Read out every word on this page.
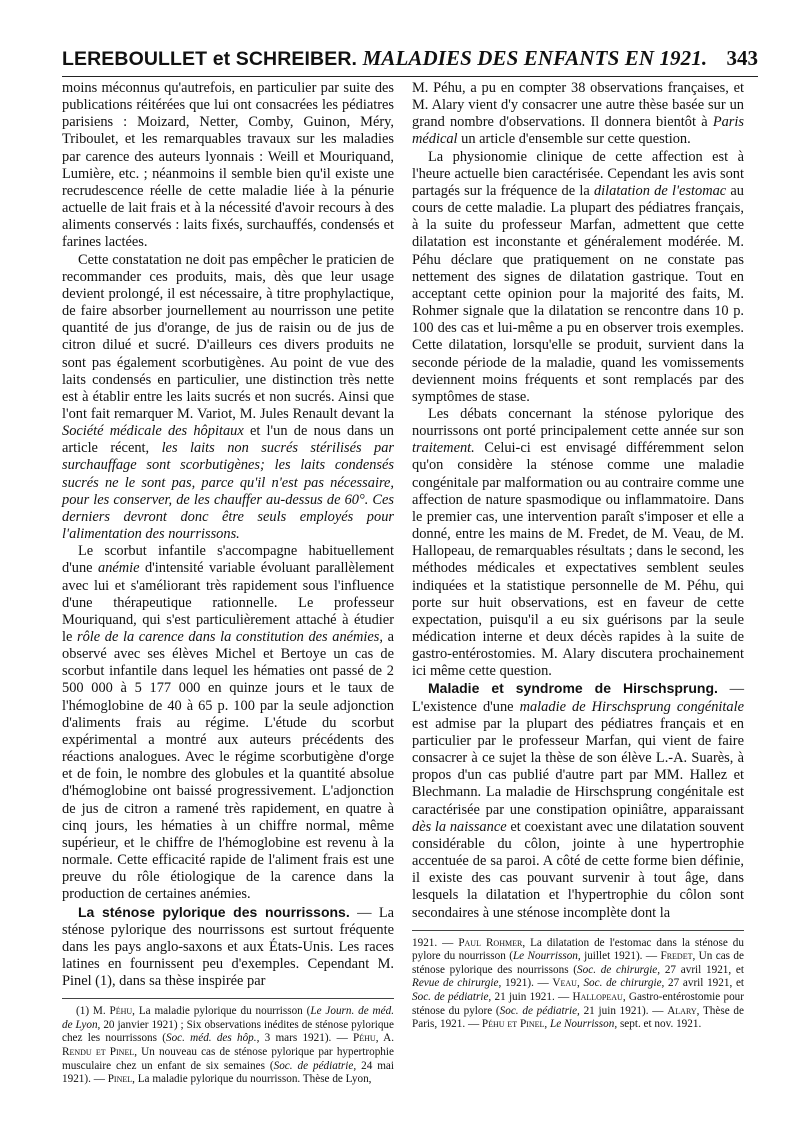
LEREBOULLET et SCHREIBER. MALADIES DES ENFANTS EN 1921. 343

moins méconnus qu'autrefois, en particulier par suite des publications réitérées que lui ont consacrées les pédiatres parisiens : Moizard, Netter, Comby, Guinon, Méry, Triboulet, et les remarquables travaux sur les maladies par carence des auteurs lyonnais : Weill et Mouriquand, Lumière, etc. ; néanmoins il semble bien qu'il existe une recrudescence réelle de cette maladie liée à la pénurie actuelle de lait frais et à la nécessité d'avoir recours à des aliments conservés : laits fixés, surchauffés, condensés et farines lactées.

Cette constatation ne doit pas empêcher le praticien de recommander ces produits, mais, dès que leur usage devient prolongé, il est nécessaire, à titre prophylactique, de faire absorber journellement au nourrisson une petite quantité de jus d'orange, de jus de raisin ou de jus de citron dilué et sucré. D'ailleurs ces divers produits ne sont pas également scorbutigènes. Au point de vue des laits condensés en particulier, une distinction très nette est à établir entre les laits sucrés et non sucrés. Ainsi que l'ont fait remarquer M. Variot, M. Jules Renault devant la Société médicale des hôpitaux et l'un de nous dans un article récent, les laits non sucrés stérilisés par surchauffage sont scorbutigènes; les laits condensés sucrés ne le sont pas, parce qu'il n'est pas nécessaire, pour les conserver, de les chauffer au-dessus de 60°. Ces derniers devront donc être seuls employés pour l'alimentation des nourrissons.

Le scorbut infantile s'accompagne habituellement d'une anémie d'intensité variable évoluant parallèlement avec lui et s'améliorant très rapidement sous l'influence d'une thérapeutique rationnelle. Le professeur Mouriquand, qui s'est particulièrement attaché à étudier le rôle de la carence dans la constitution des anémies, a observé avec ses élèves Michel et Bertoye un cas de scorbut infantile dans lequel les hématies ont passé de 2 500 000 à 5 177 000 en quinze jours et le taux de l'hémoglobine de 40 à 65 p. 100 par la seule adjonction d'aliments frais au régime. L'étude du scorbut expérimental a montré aux auteurs précédents des réactions analogues. Avec le régime scorbutigène d'orge et de foin, le nombre des globules et la quantité absolue d'hémoglobine ont baissé progressivement. L'adjonction de jus de citron a ramené très rapidement, en quatre à cinq jours, les hématies à un chiffre normal, même supérieur, et le chiffre de l'hémoglobine est revenu à la normale. Cette efficacité rapide de l'aliment frais est une preuve du rôle étiologique de la carence dans la production de certaines anémies.

La sténose pylorique des nourrissons. — La sténose pylorique des nourrissons est surtout fréquente dans les pays anglo-saxons et aux États-Unis. Les races latines en fournissent peu d'exemples. Cependant M. Pinel (1), dans sa thèse inspirée par

(1) M. Péhu, La maladie pylorique du nourrisson (Le Journ. de méd. de Lyon, 20 janvier 1921) ; Six observations inédites de sténose pylorique chez les nourrissons (Soc. méd. des hôp., 3 mars 1921). — Péhu, A. Rendu et Pinel, Un nouveau cas de sténose pylorique par hypertrophie musculaire chez un enfant de six semaines (Soc. de pédiatrie, 24 mai 1921). — Pinel, La maladie pylorique du nourrisson. Thèse de Lyon,

M. Péhu, a pu en compter 38 observations françaises, et M. Alary vient d'y consacrer une autre thèse basée sur un grand nombre d'observations. Il donnera bientôt à Paris médical un article d'ensemble sur cette question.

La physionomie clinique de cette affection est à l'heure actuelle bien caractérisée. Cependant les avis sont partagés sur la fréquence de la dilatation de l'estomac au cours de cette maladie. La plupart des pédiatres français, à la suite du professeur Marfan, admettent que cette dilatation est inconstante et généralement modérée. M. Péhu déclare que pratiquement on ne constate pas nettement des signes de dilatation gastrique. Tout en acceptant cette opinion pour la majorité des faits, M. Rohmer signale que la dilatation se rencontre dans 10 p. 100 des cas et lui-même a pu en observer trois exemples. Cette dilatation, lorsqu'elle se produit, survient dans la seconde période de la maladie, quand les vomissements deviennent moins fréquents et sont remplacés par des symptômes de stase.

Les débats concernant la sténose pylorique des nourrissons ont porté principalement cette année sur son traitement. Celui-ci est envisagé différemment selon qu'on considère la sténose comme une maladie congénitale par malformation ou au contraire comme une affection de nature spasmodique ou inflammatoire. Dans le premier cas, une intervention paraît s'imposer et elle a donné, entre les mains de M. Fredet, de M. Veau, de M. Hallopeau, de remarquables résultats ; dans le second, les méthodes médicales et expectatives semblent seules indiquées et la statistique personnelle de M. Péhu, qui porte sur huit observations, est en faveur de cette expectation, puisqu'il a eu six guérisons par la seule médication interne et deux décès rapides à la suite de gastro-entérostomies. M. Alary discutera prochainement ici même cette question.

Maladie et syndrome de Hirschsprung. — L'existence d'une maladie de Hirschsprung congénitale est admise par la plupart des pédiatres français et en particulier par le professeur Marfan, qui vient de faire consacrer à ce sujet la thèse de son élève L.-A. Suarès, à propos d'un cas publié d'autre part par MM. Hallez et Blechmann. La maladie de Hirschsprung congénitale est caractérisée par une constipation opiniâtre, apparaissant dès la naissance et coexistant avec une dilatation souvent considérable du côlon, jointe à une hypertrophie accentuée de sa paroi. A côté de cette forme bien définie, il existe des cas pouvant survenir à tout âge, dans lesquels la dilatation et l'hypertrophie du côlon sont secondaires à une sténose incomplète dont la

1921. — Paul Rohmer, La dilatation de l'estomac dans la sténose du pylore du nourrisson (Le Nourrisson, juillet 1921). — Fredet, Un cas de sténose pylorique des nourrissons (Soc. de chirurgie, 27 avril 1921, et Revue de chirurgie, 1921). — Veau, Soc. de chirurgie, 27 avril 1921, et Soc. de pédiatrie, 21 juin 1921. — Hallopeau, Gastro-entérostomie pour sténose du pylore (Soc. de pédiatrie, 21 juin 1921). — Alary, Thèse de Paris, 1921. — Péhu et Pinel, Le Nourrisson, sept. et nov. 1921.
